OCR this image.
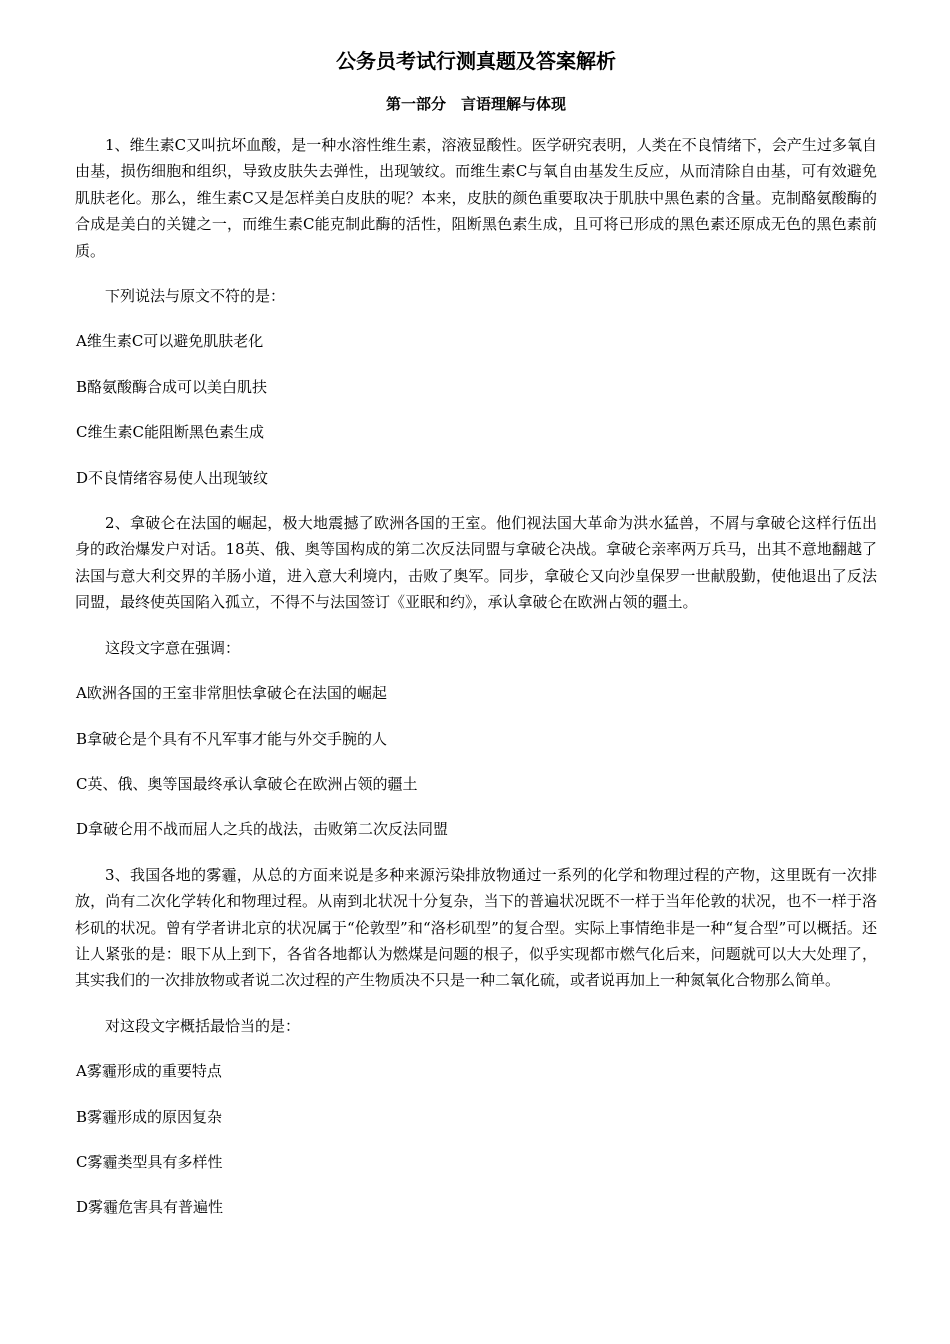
公务员考试行测真题及答案解析
第一部分　言语理解与体现

1、维生素C又叫抗坏血酸，是一种水溶性维生素，溶液显酸性。医学研究表明，人类在不良情绪下，会产生过多氧自由基，损伤细胞和组织，导致皮肤失去弹性，出现皱纹。而维生素C与氧自由基发生反应，从而清除自由基，可有效避免肌肤老化。那么，维生素C又是怎样美白皮肤的呢？本来，皮肤的颜色重要取决于肌肤中黑色素的含量。克制酪氨酸酶的合成是美白的关键之一，而维生素C能克制此酶的活性，阻断黑色素生成，且可将已形成的黑色素还原成无色的黑色素前质。

下列说法与原文不符的是：

A维生素C可以避免肌肤老化

B酪氨酸酶合成可以美白肌扶

C维生素C能阻断黑色素生成

D不良情绪容易使人出现皱纹

2、拿破仑在法国的崛起，极大地震撼了欧洲各国的王室。他们视法国大革命为洪水猛兽，不屑与拿破仑这样行伍出身的政治爆发户对话。18英、俄、奥等国构成的第二次反法同盟与拿破仑决战。拿破仑亲率两万兵马，出其不意地翻越了法国与意大利交界的羊肠小道，进入意大利境内，击败了奥军。同步，拿破仑又向沙皇保罗一世献殷勤，使他退出了反法同盟，最终使英国陷入孤立，不得不与法国签订《亚眠和约》，承认拿破仑在欧洲占领的疆土。

这段文字意在强调：

A欧洲各国的王室非常胆怯拿破仑在法国的崛起

B拿破仑是个具有不凡军事才能与外交手腕的人

C英、俄、奥等国最终承认拿破仑在欧洲占领的疆土

D拿破仑用不战而屈人之兵的战法，击败第二次反法同盟

3、我国各地的雾霾，从总的方面来说是多种来源污染排放物通过一系列的化学和物理过程的产物，这里既有一次排放，尚有二次化学转化和物理过程。从南到北状况十分复杂，当下的普遍状况既不一样于当年伦敦的状况，也不一样于洛杉矶的状况。曾有学者讲北京的状况属于“伦敦型”和“洛杉矶型”的复合型。实际上事情绝非是一种“复合型”可以概括。还让人紧张的是：眼下从上到下，各省各地都认为燃煤是问题的根子，似乎实现都市燃气化后来，问题就可以大大处理了，其实我们的一次排放物或者说二次过程的产生物质决不只是一种二氧化硫，或者说再加上一种氮氧化合物那么简单。

对这段文字概括最恰当的是：

A雾霾形成的重要特点

B雾霾形成的原因复杂

C雾霾类型具有多样性

D雾霾危害具有普遍性
